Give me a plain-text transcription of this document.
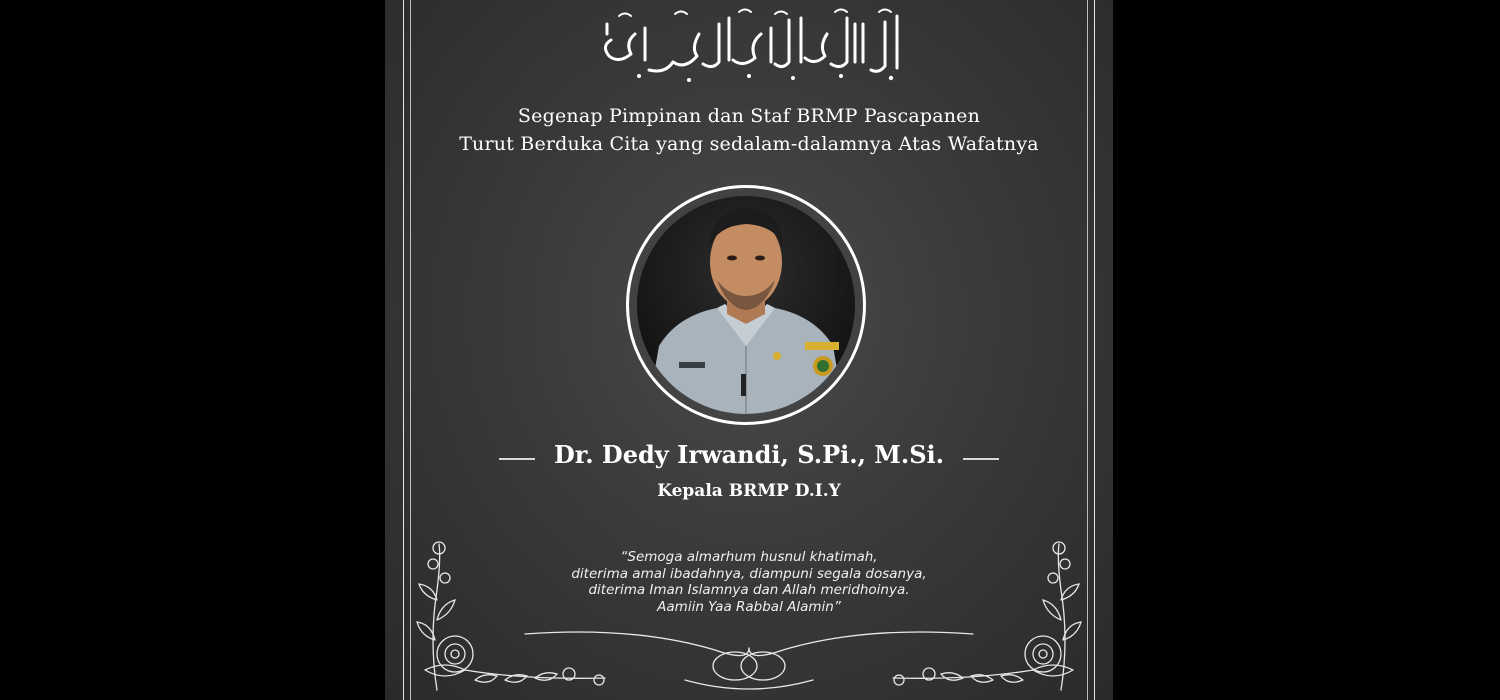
Segenap Pimpinan dan Staf BRMP Pascapanen
Turut Berduka Cita yang sedalam-dalamnya Atas Wafatnya
Dr. Dedy Irwandi, S.Pi., M.Si.
Kepala BRMP D.I.Y
“Semoga almarhum husnul khatimah,
diterima amal ibadahnya, diampuni segala dosanya,
diterima Iman Islamnya dan Allah meridhoinya.
Aamiin Yaa Rabbal Alamin”
